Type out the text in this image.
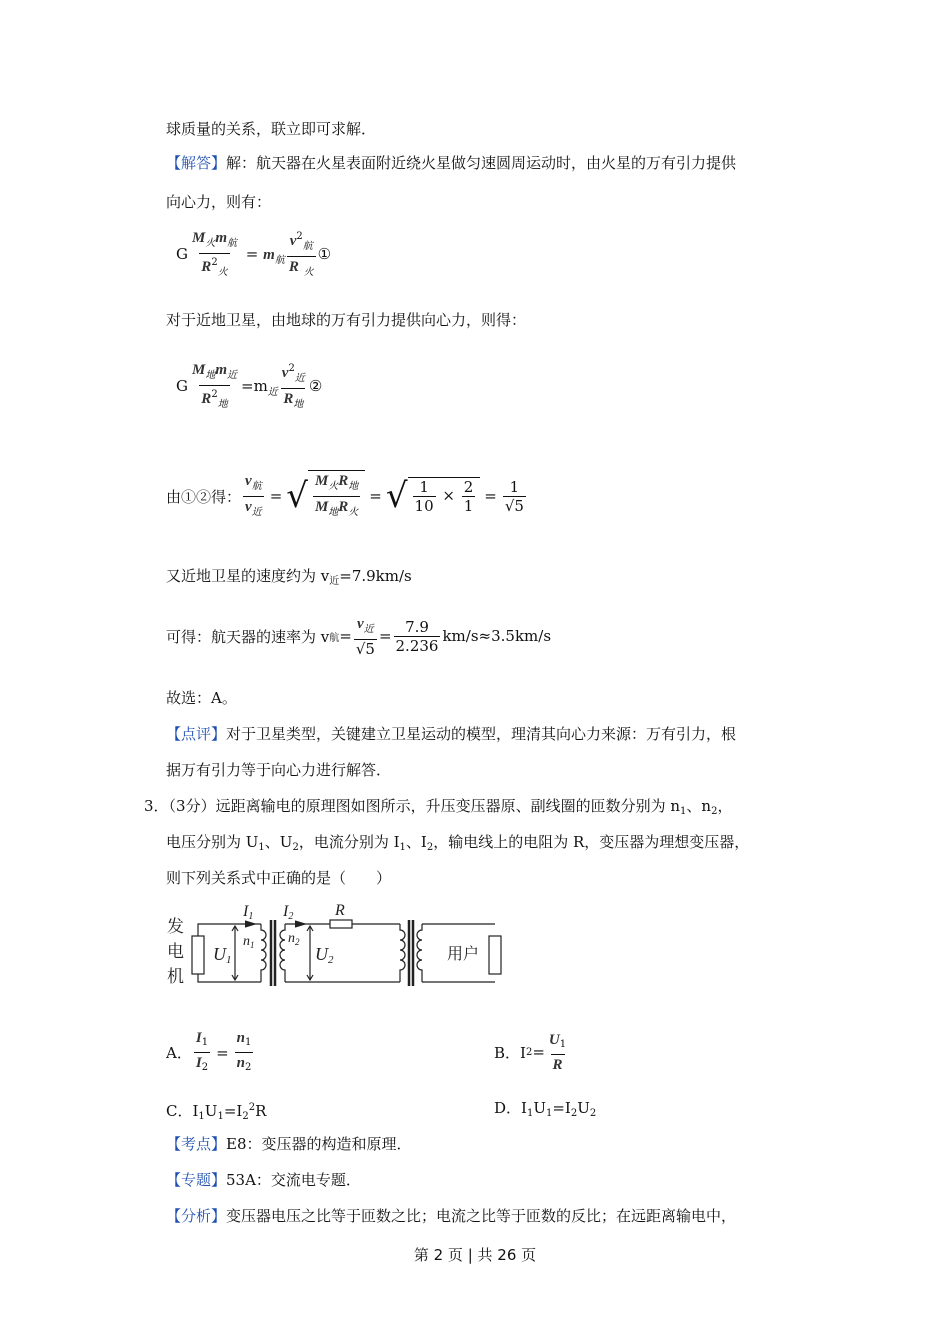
球质量的关系，联立即可求解．
【解答】解：航天器在火星表面附近绕火星做匀速圆周运动时，由火星的万有引力提供
向心力，则有：
G $\frac{M_火m_航}{R^2_火} = m_航 \frac{v^2_航}{R _火}$ ①
对于近地卫星，由地球的万有引力提供向心力，则得：
G $\frac{M_地m_近}{R^2_地} =m_近 \frac{v^2_近}{R_地}$ ②
由①②得： $\frac{v_航}{v_近}$ = √ $\frac{M_火R_地}{M_地R_火}$ = √ $\frac{1}{10} \times \frac{2}{1} = \frac{1}{√5}$
又近地卫星的速度约为 $v_近=7.9km/s$
可得：航天器的速率为 v 航 = $\frac{v_近}{√5} = \frac{7.9}{2.236} km/s\approx 3.5km/s$
故选：A。
【点评】对于卫星类型，关键建立卫星运动的模型，理清其向心力来源：万有引力，根
据万有引力等于向心力进行解答．
3．（3分）远距离输电的原理图如图所示，升压变压器原、副线圈的匝数分别为 $n_1$、$n_2$，
电压分别为 $U_1$、$U_2$，电流分别为 $I_1$、$I_2$，输电线上的电阻为 R，变压器为理想变压器，
则下列关系式中正确的是（　　）
发
电
机
I1 I2	R
U1
$n_1$ $n_2$
U2	用户
A． $\frac{I_1}{I_2} = \frac{n_1}{n_2}$	B．I $2 = \frac{U_1}{R}$
C．$I_1U_1=I_2^2R$	D．$I_1U_1=I_2U_2$
【考点】E8：变压器的构造和原理．
【专题】53A：交流电专题．
【分析】变压器电压之比等于匝数之比；电流之比等于匝数的反比；在远距离输电中，
第 2 页 | 共 26 页
